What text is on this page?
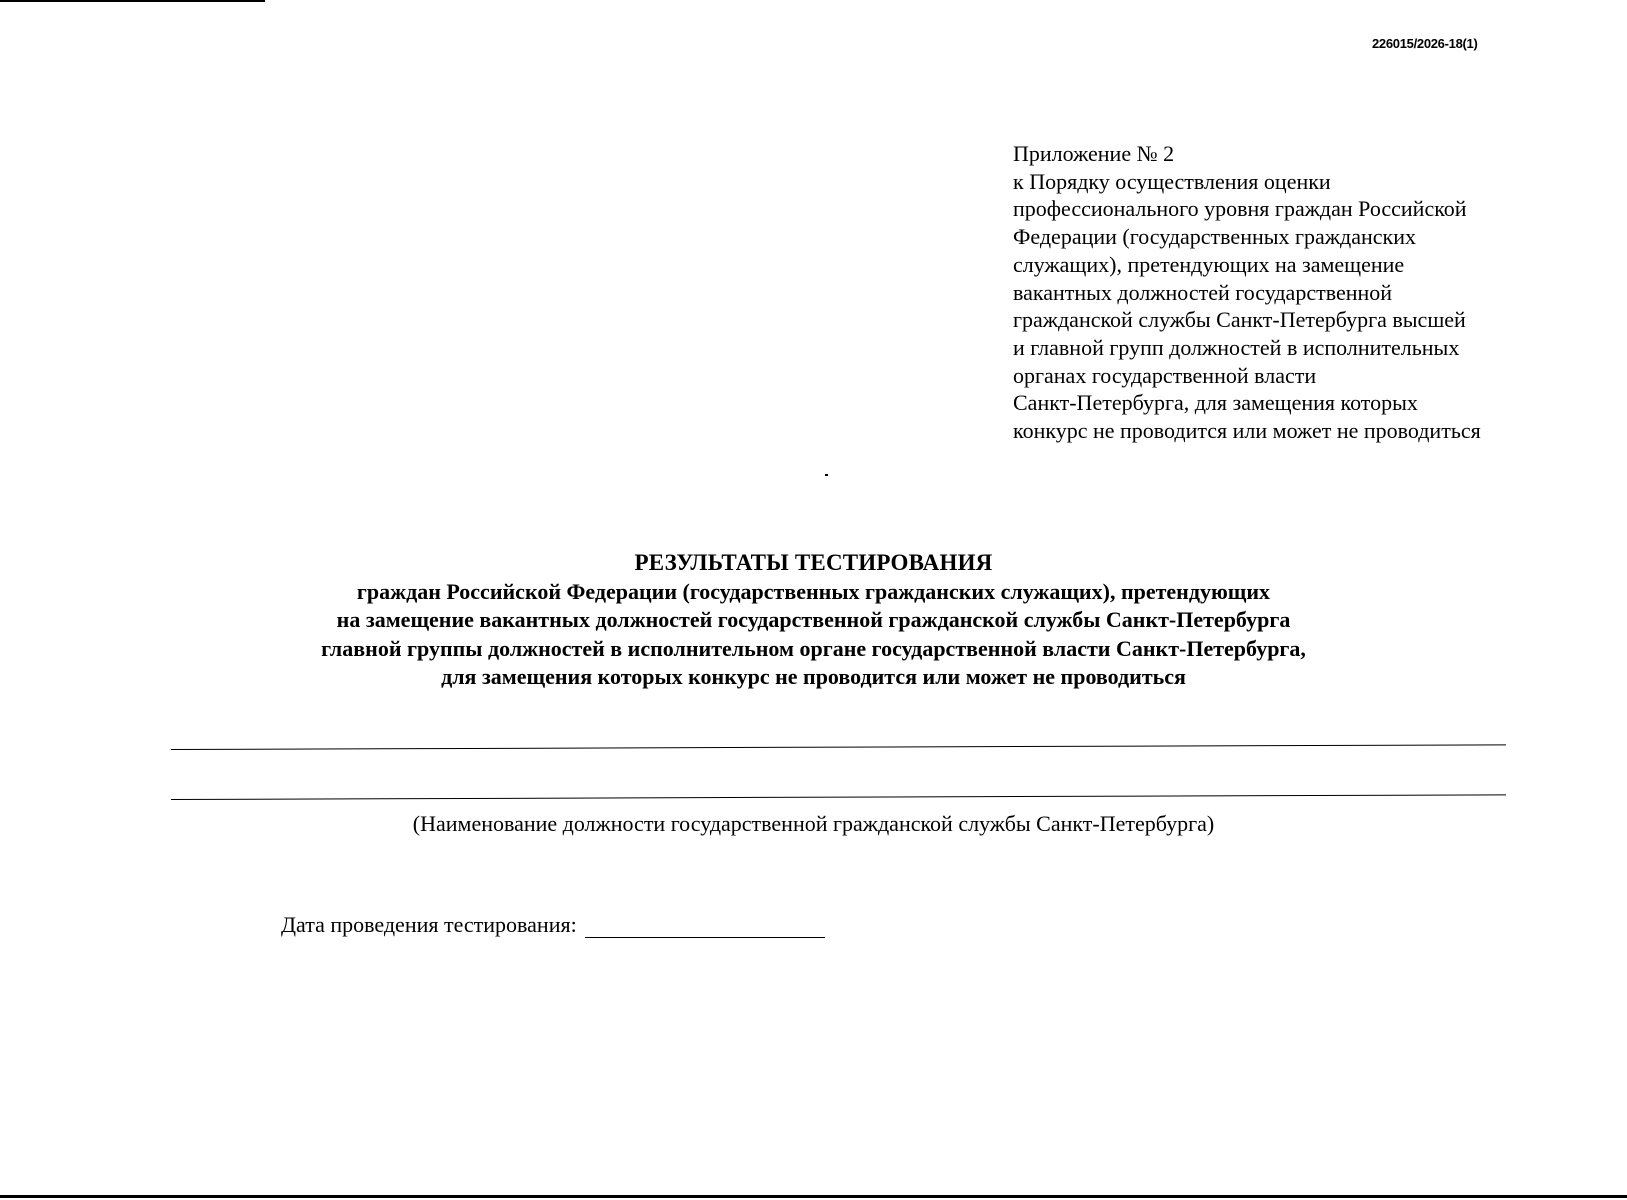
226015/2026-18(1)
Приложение № 2
к Порядку осуществления оценки
профессионального уровня граждан Российской
Федерации (государственных гражданских
служащих), претендующих на замещение
вакантных должностей государственной
гражданской службы Санкт-Петербурга высшей
и главной групп должностей в исполнительных
органах государственной власти
Санкт-Петербурга, для замещения которых
конкурс не проводится или может не проводиться
РЕЗУЛЬТАТЫ ТЕСТИРОВАНИЯ
граждан Российской Федерации (государственных гражданских служащих), претендующих
на замещение вакантных должностей государственной гражданской службы Санкт-Петербурга
главной группы должностей в исполнительном органе государственной власти Санкт-Петербурга,
для замещения которых конкурс не проводится или может не проводиться
(Наименование должности государственной гражданской службы Санкт-Петербурга)
Дата проведения тестирования:
